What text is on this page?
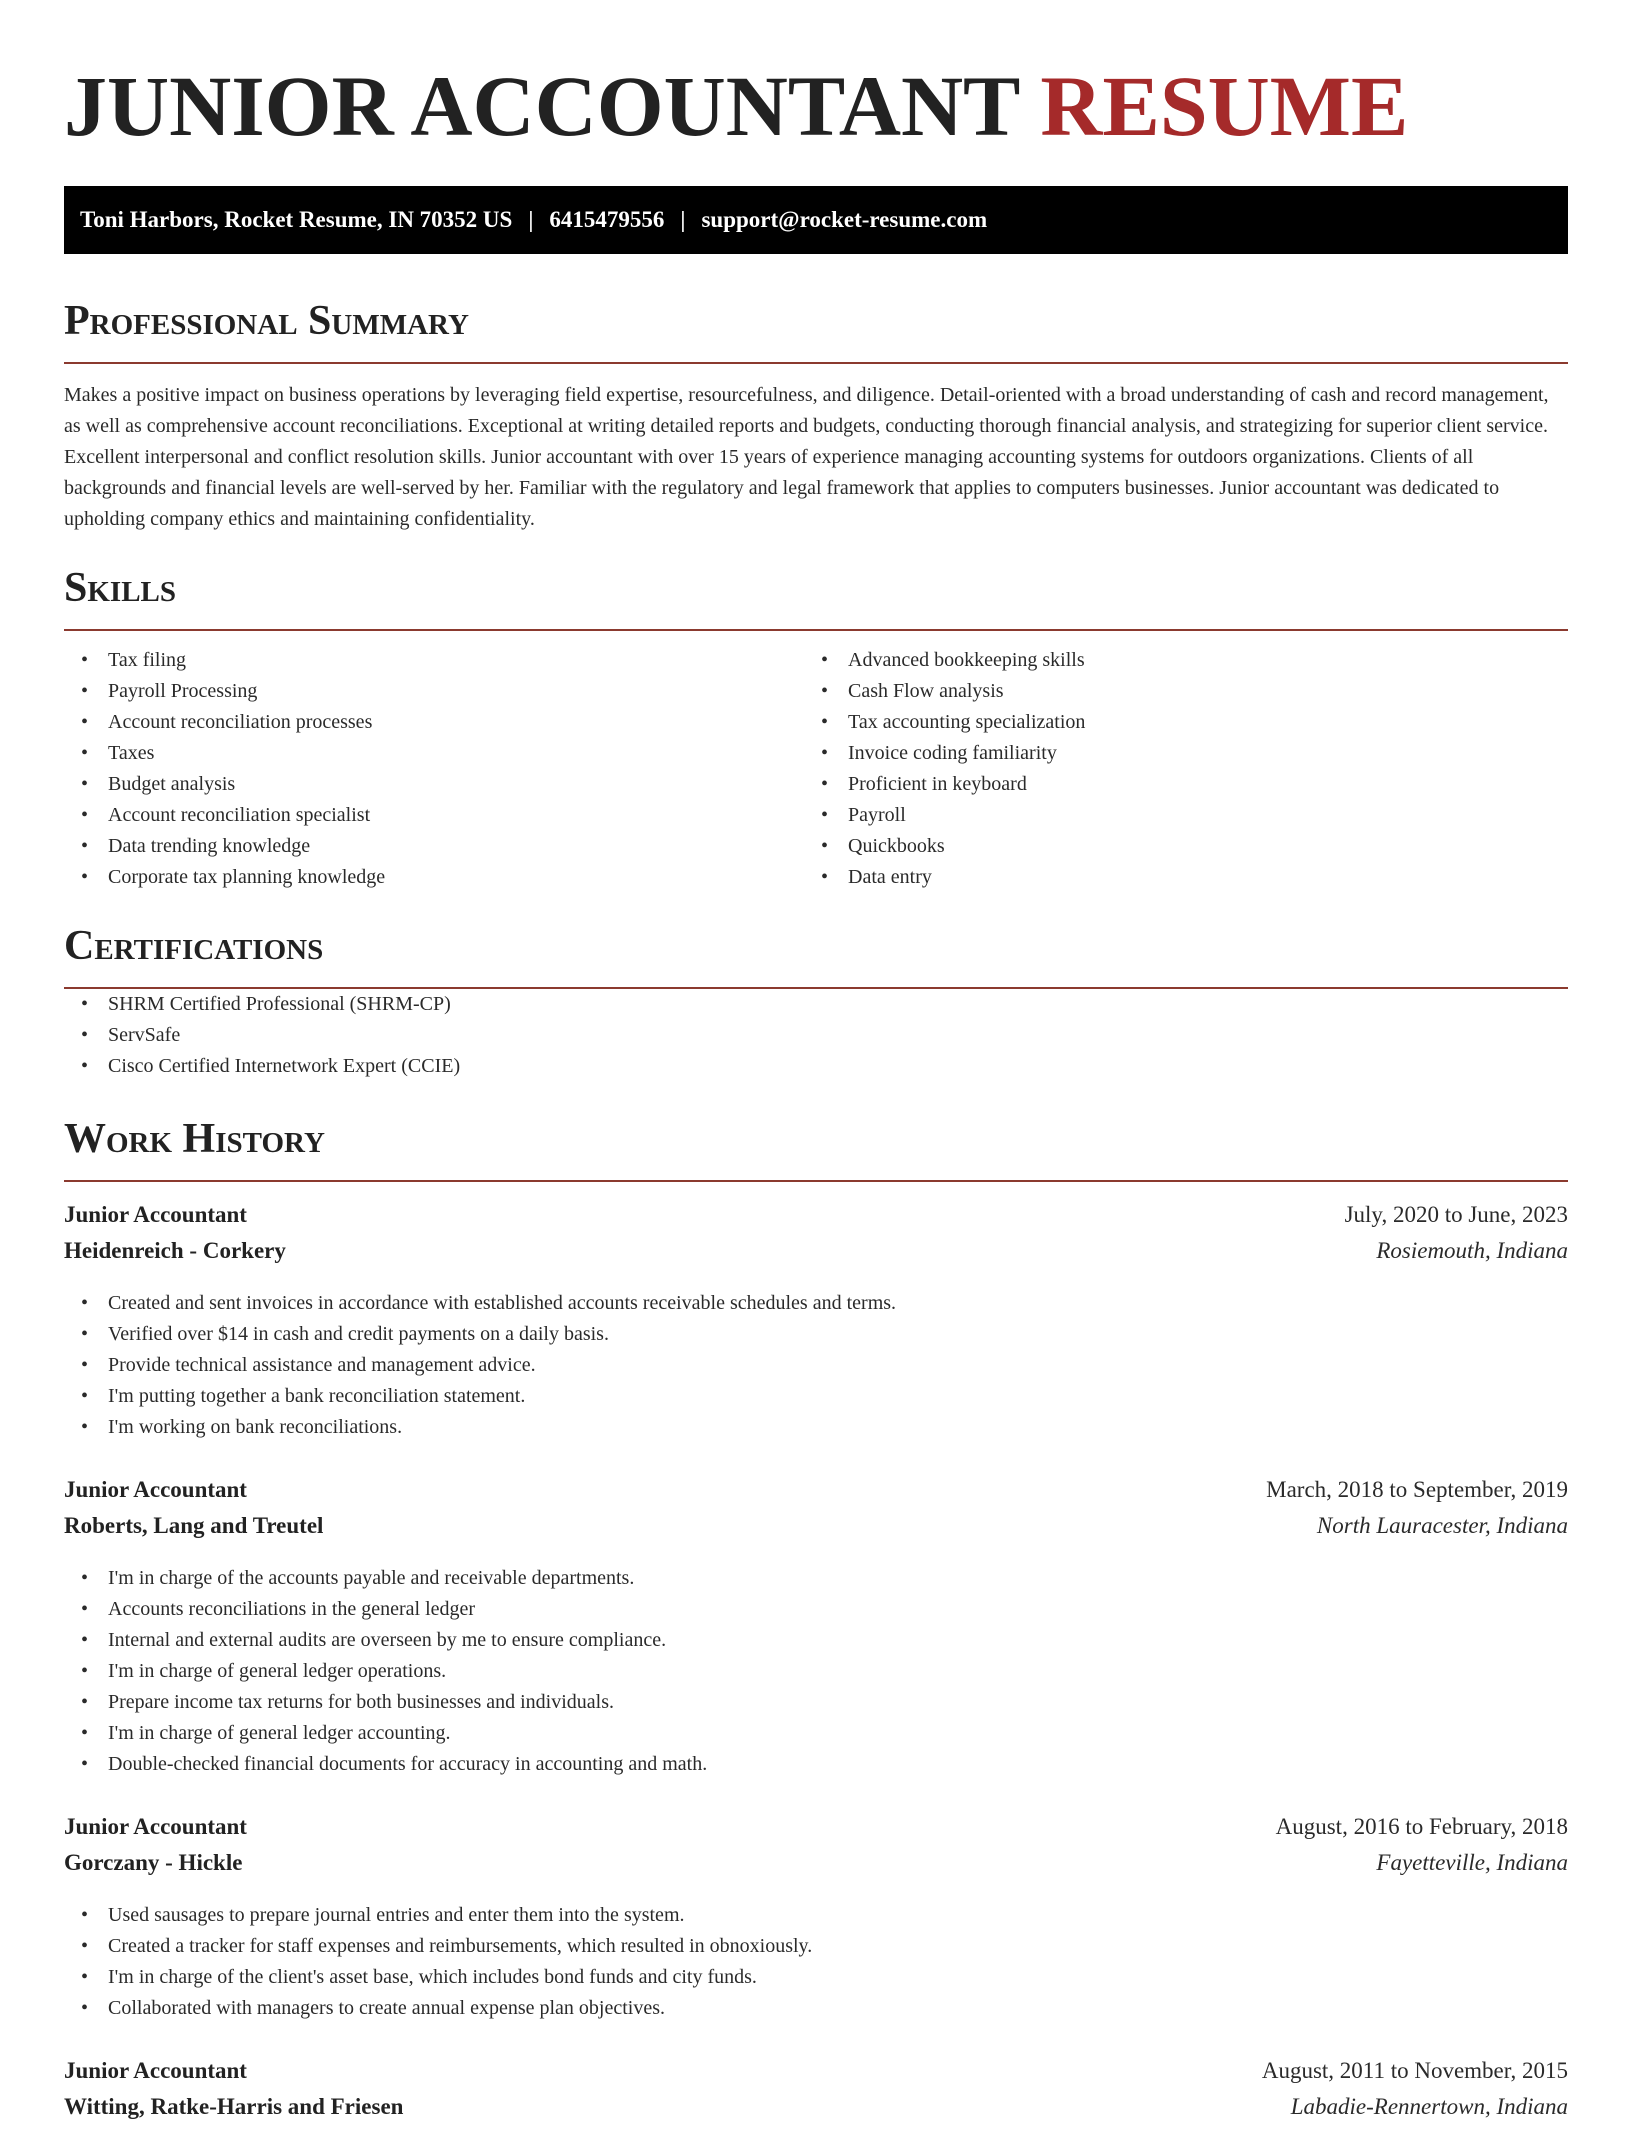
JUNIOR ACCOUNTANT RESUME
Toni Harbors, Rocket Resume, IN 70352 US | 6415479556 | support@rocket-resume.com
Professional Summary

Makes a positive impact on business operations by leveraging field expertise, resourcefulness, and diligence. Detail-oriented with a broad understanding of cash and record management, as well as comprehensive account reconciliations. Exceptional at writing detailed reports and budgets, conducting thorough financial analysis, and strategizing for superior client service. Excellent interpersonal and conflict resolution skills. Junior accountant with over 15 years of experience managing accounting systems for outdoors organizations. Clients of all backgrounds and financial levels are well-served by her. Familiar with the regulatory and legal framework that applies to computers businesses. Junior accountant was dedicated to upholding company ethics and maintaining confidentiality.

Skills
• Tax filing
• Payroll Processing
• Account reconciliation processes
• Taxes
• Budget analysis
• Account reconciliation specialist
• Data trending knowledge
• Corporate tax planning knowledge
• Advanced bookkeeping skills
• Cash Flow analysis
• Tax accounting specialization
• Invoice coding familiarity
• Proficient in keyboard
• Payroll
• Quickbooks
• Data entry
Certifications
• SHRM Certified Professional (SHRM-CP)
• ServSafe
• Cisco Certified Internetwork Expert (CCIE)
Work History
Junior Accountant	July, 2020 to June, 2023
Heidenreich - Corkery	Rosiemouth, Indiana
• Created and sent invoices in accordance with established accounts receivable schedules and terms.
• Verified over $14 in cash and credit payments on a daily basis.
• Provide technical assistance and management advice.
• I'm putting together a bank reconciliation statement.
• I'm working on bank reconciliations.
Junior Accountant	March, 2018 to September, 2019
Roberts, Lang and Treutel	North Lauracester, Indiana
• I'm in charge of the accounts payable and receivable departments.
• Accounts reconciliations in the general ledger
• Internal and external audits are overseen by me to ensure compliance.
• I'm in charge of general ledger operations.
• Prepare income tax returns for both businesses and individuals.
• I'm in charge of general ledger accounting.
• Double-checked financial documents for accuracy in accounting and math.
Junior Accountant	August, 2016 to February, 2018
Gorczany - Hickle	Fayetteville, Indiana
• Used sausages to prepare journal entries and enter them into the system.
• Created a tracker for staff expenses and reimbursements, which resulted in obnoxiously.
• I'm in charge of the client's asset base, which includes bond funds and city funds.
• Collaborated with managers to create annual expense plan objectives.
Junior Accountant	August, 2011 to November, 2015
Witting, Ratke-Harris and Friesen	Labadie-Rennertown, Indiana
